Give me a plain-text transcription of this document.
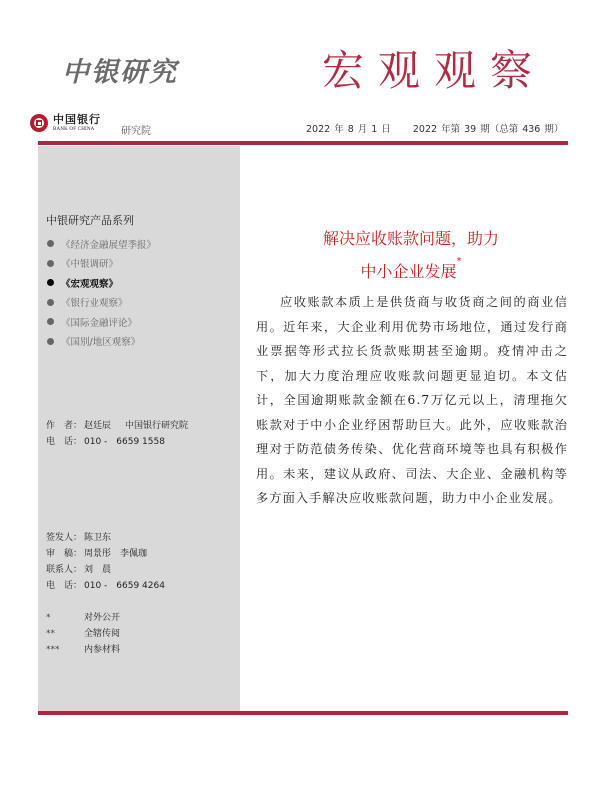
中银研究	宏观观察
中国银行
BANK OF CHINA	研究院	2022 年 8 月 1 日 2022 年第 39 期（总第 436 期）
中银研究产品系列
《经济金融展望季报》
《中银调研》
《宏观观察》
《银行业观察》
《国际金融评论》
《国别/地区观察》
作　者： 赵廷辰 中国银行研究院
电　话： 010 -　6659 1558
签发人： 陈卫东
审　稿： 周景彤　李佩珈
联系人： 刘　晨
电　话： 010 -　6659 4264
*	对外公开
**	全辖传阅
***	内参材料
解决应收账款问题，助力
中小企业发展*
应收账款本质上是供货商与收货商之间的商业信用。近年来，大企业利用优势市场地位，通过发行商业票据等形式拉长货款账期甚至逾期。疫情冲击之下，加大力度治理应收账款问题更显迫切。本文估计，全国逾期账款金额在6.7万亿元以上，清理拖欠账款对于中小企业纾困帮助巨大。此外，应收账款治理对于防范债务传染、优化营商环境等也具有积极作用。未来，建议从政府、司法、大企业、金融机构等多方面入手解决应收账款问题，助力中小企业发展。
